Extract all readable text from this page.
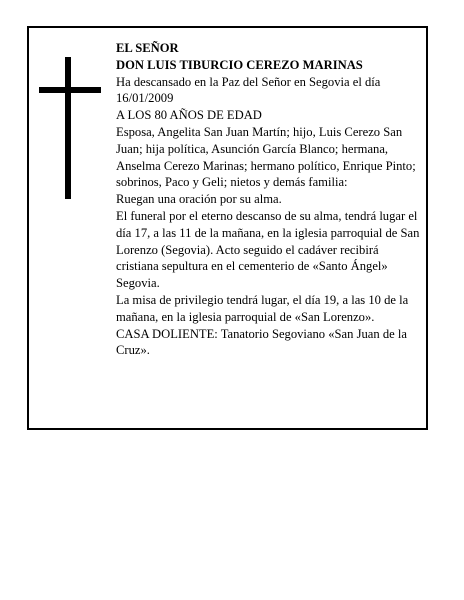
EL SEÑOR

DON LUIS TIBURCIO CEREZO MARINAS

Ha descansado en la Paz del Señor en Segovia el día 16/01/2009

A LOS 80 AÑOS DE EDAD

Esposa, Angelita San Juan Martín; hijo, Luis Cerezo San Juan; hija política, Asunción García Blanco; hermana, Anselma Cerezo Marinas; hermano político, Enrique Pinto; sobrinos, Paco y Geli; nietos y demás familia:

Ruegan una oración por su alma.

El funeral por el eterno descanso de su alma, tendrá lugar el día 17, a las 11 de la mañana, en la iglesia parroquial de San Lorenzo (Segovia). Acto seguido el cadáver recibirá cristiana sepultura en el cementerio de «Santo Ángel» Segovia.

La misa de privilegio tendrá lugar, el día 19, a las 10 de la mañana, en la iglesia parroquial de «San Lorenzo».

CASA DOLIENTE: Tanatorio Segoviano «San Juan de la Cruz».
